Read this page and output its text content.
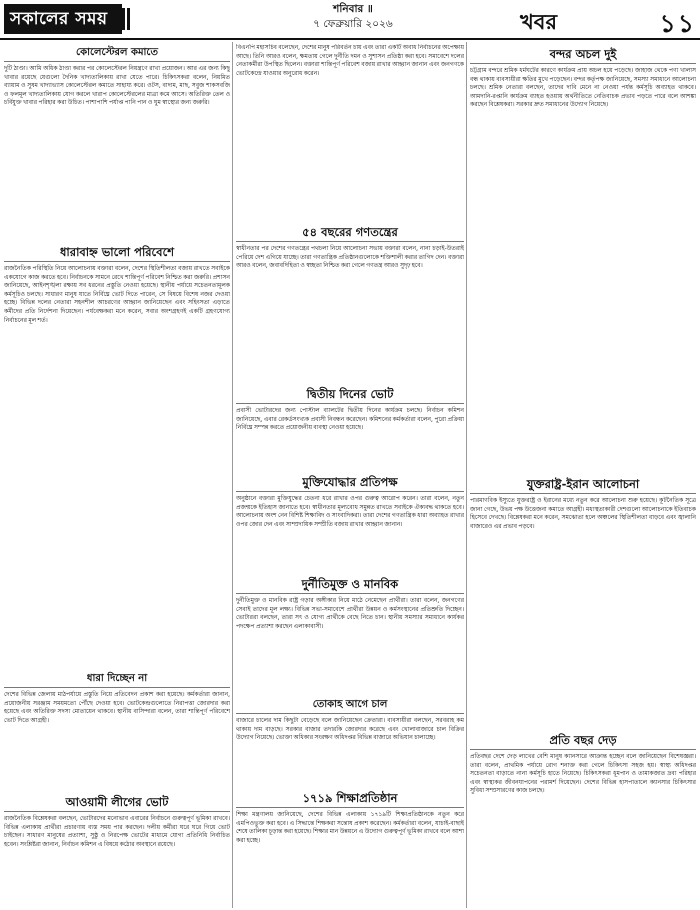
সকালের সময়	শনিবার ॥
৭ ফেব্রুয়ারি ২০২৬	খবর	১১
কোলেস্টেরল কমাতে
দুটি ঠাণ্ডা। আমি অধিক ঠাণ্ডা করার পর কোলেস্টেরল নিয়ন্ত্রণে রাখা প্রয়োজন। আর এর জন্য কিছু খাবার রয়েছে যেগুলো দৈনিক খাদ্যতালিকায় রাখা যেতে পারে। চিকিৎসকরা বলেন, নিয়মিত ব্যায়াম ও সুষম খাদ্যাভ্যাস কোলেস্টেরল কমাতে সাহায্য করে। ওটস, বাদাম, মাছ, সবুজ শাকসবজি ও ফলমূল খাদ্যতালিকায় যোগ করলে খারাপ কোলেস্টেরলের মাত্রা কমে আসে। অতিরিক্ত তেল ও চর্বিযুক্ত খাবার পরিহার করা উচিত। পাশাপাশি পর্যাপ্ত পানি পান ও ঘুম স্বাস্থ্যের জন্য জরুরি।
ধারাবাহ্ন ভালো পরিবেশে
রাজনৈতিক পরিস্থিতি নিয়ে আলোচনায় বক্তারা বলেন, দেশের স্থিতিশীলতা বজায় রাখতে সবাইকে একযোগে কাজ করতে হবে। নির্বাচনকে সামনে রেখে শান্তিপূর্ণ পরিবেশ নিশ্চিত করা জরুরি। প্রশাসন জানিয়েছে, আইনশৃঙ্খলা রক্ষায় সব ধরনের প্রস্তুতি নেওয়া হয়েছে। স্থানীয় পর্যায়ে সচেতনতামূলক কর্মসূচিও চলছে। সাধারণ মানুষ যাতে নির্বিঘ্নে ভোট দিতে পারেন, সে বিষয়ে বিশেষ নজর দেওয়া হচ্ছে। বিভিন্ন দলের নেতারা সহনশীল আচরণের আহ্বান জানিয়েছেন এবং সহিংসতা এড়াতে কর্মীদের প্রতি নির্দেশনা দিয়েছেন। পর্যবেক্ষকরা মনে করেন, সবার অংশগ্রহণই একটি গ্রহণযোগ্য নির্বাচনের মূল শর্ত।
ধারা দিচ্ছেন না
দেশের বিভিন্ন জেলায় মাঠপর্যায়ে প্রস্তুতি নিয়ে প্রতিবেদন প্রকাশ করা হয়েছে। কর্মকর্তারা জানান, প্রয়োজনীয় সরঞ্জাম সময়মতো পৌঁছে দেওয়া হবে। ভোটকেন্দ্রগুলোতে নিরাপত্তা জোরদার করা হয়েছে এবং অতিরিক্ত সদস্য মোতায়েন থাকবে। স্থানীয় বাসিন্দারা বলেন, তারা শান্তিপূর্ণ পরিবেশে ভোট দিতে আগ্রহী।
আওয়ামী লীগের ভোট
রাজনৈতিক বিশ্লেষকরা বলছেন, ভোটারদের মনোভাব এবারের নির্বাচনে গুরুত্বপূর্ণ ভূমিকা রাখবে। বিভিন্ন এলাকায় প্রার্থীরা প্রচারণায় ব্যস্ত সময় পার করছেন। দলীয় কর্মীরা ঘরে ঘরে গিয়ে ভোট চাইছেন। সাধারণ মানুষের প্রত্যাশা, সুষ্ঠু ও নিরপেক্ষ ভোটের মাধ্যমে যোগ্য প্রতিনিধি নির্বাচিত হবেন। সংশ্লিষ্টরা জানান, নির্বাচন কমিশন এ বিষয়ে কঠোর অবস্থানে রয়েছে।
বিএনপি মহাসচিব বলেছেন, দেশের মানুষ পরিবর্তন চায় এবং তারা একটি অবাধ নির্বাচনের অপেক্ষায় আছে। তিনি আরও বলেন, ক্ষমতায় গেলে দুর্নীতি দমন ও সুশাসন প্রতিষ্ঠা করা হবে। সমাবেশে দলের নেতাকর্মীরা উপস্থিত ছিলেন। বক্তারা শান্তিপূর্ণ পরিবেশ বজায় রাখার আহ্বান জানান এবং জনগণকে ভোটকেন্দ্রে যাওয়ার অনুরোধ করেন।
৫৪ বছরের গণতন্ত্রের
স্বাধীনতার পর দেশের গণতন্ত্রের পথচলা নিয়ে আলোচনা সভায় বক্তারা বলেন, নানা চড়াই-উতরাই পেরিয়ে দেশ এগিয়ে যাচ্ছে। তারা গণতান্ত্রিক প্রতিষ্ঠানগুলোকে শক্তিশালী করার তাগিদ দেন। বক্তারা আরও বলেন, জবাবদিহিতা ও স্বচ্ছতা নিশ্চিত করা গেলে গণতন্ত্র আরও সুদৃঢ় হবে।
দ্বিতীয় দিনের ভোট
প্রবাসী ভোটারদের জন্য পোস্টাল ব্যালটের দ্বিতীয় দিনের কার্যক্রম চলছে। নির্বাচন কমিশন জানিয়েছে, এবার রেকর্ডসংখ্যক প্রবাসী নিবন্ধন করেছেন। কমিশনের কর্মকর্তারা বলেন, পুরো প্রক্রিয়া নির্বিঘ্নে সম্পন্ন করতে প্রয়োজনীয় ব্যবস্থা নেওয়া হয়েছে।
মুক্তিযোদ্ধার প্রতিপক্ষ
অনুষ্ঠানে বক্তারা মুক্তিযুদ্ধের চেতনা ধরে রাখার ওপর গুরুত্ব আরোপ করেন। তারা বলেন, নতুন প্রজন্মকে ইতিহাস জানাতে হবে। স্বাধীনতার মূল্যবোধ সমুন্নত রাখতে সবাইকে ঐক্যবদ্ধ থাকতে হবে। আলোচনায় অংশ নেন বিশিষ্ট শিক্ষাবিদ ও সাংবাদিকরা। তারা দেশের গণতান্ত্রিক ধারা অব্যাহত রাখার ওপর জোর দেন এবং সাম্প্রদায়িক সম্প্রীতি বজায় রাখার আহ্বান জানান।
দুর্নীতিমুক্ত ও মানবিক
দুর্নীতিমুক্ত ও মানবিক রাষ্ট্র গড়ার অঙ্গীকার নিয়ে মাঠে নেমেছেন প্রার্থীরা। তারা বলেন, জনগণের সেবাই তাদের মূল লক্ষ্য। বিভিন্ন সভা-সমাবেশে প্রার্থীরা উন্নয়ন ও কর্মসংস্থানের প্রতিশ্রুতি দিচ্ছেন। ভোটাররা বলছেন, তারা সৎ ও যোগ্য প্রার্থীকে বেছে নিতে চান। স্থানীয় সমস্যার সমাধানে কার্যকর পদক্ষেপ প্রত্যাশা করছেন এলাকাবাসী।
তোকাহ আগে চাল
বাজারে চালের দাম কিছুটা বেড়েছে বলে জানিয়েছেন ক্রেতারা। ব্যবসায়ীরা বলছেন, সরবরাহ কম থাকায় দাম বাড়ছে। সরকার বাজার তদারকি জোরদার করেছে এবং খোলাবাজারে চাল বিক্রির উদ্যোগ নিয়েছে। ভোক্তা অধিকার সংরক্ষণ অধিদপ্তর বিভিন্ন বাজারে অভিযান চালাচ্ছে।
১৭১৯ শিক্ষাপ্রতিষ্ঠান
শিক্ষা মন্ত্রণালয় জানিয়েছে, দেশের বিভিন্ন এলাকায় ১৭১৯টি শিক্ষাপ্রতিষ্ঠানকে নতুন করে এমপিওভুক্ত করা হবে। এ সিদ্ধান্তে শিক্ষকরা সন্তোষ প্রকাশ করেছেন। কর্মকর্তারা বলেন, যাচাই-বাছাই শেষে তালিকা চূড়ান্ত করা হয়েছে। শিক্ষার মান উন্নয়নে এ উদ্যোগ গুরুত্বপূর্ণ ভূমিকা রাখবে বলে আশা করা হচ্ছে।
বন্দর অচল দুই
চট্টগ্রাম বন্দরে শ্রমিক ধর্মঘটের কারণে কার্যক্রম প্রায় অচল হয়ে পড়েছে। জাহাজ থেকে পণ্য খালাস বন্ধ থাকায় ব্যবসায়ীরা ক্ষতির মুখে পড়েছেন। বন্দর কর্তৃপক্ষ জানিয়েছে, সমস্যা সমাধানে আলোচনা চলছে। শ্রমিক নেতারা বলছেন, তাদের দাবি মেনে না নেওয়া পর্যন্ত কর্মসূচি অব্যাহত থাকবে। আমদানি-রপ্তানি কার্যক্রম ব্যাহত হওয়ায় অর্থনীতিতে নেতিবাচক প্রভাব পড়তে পারে বলে আশঙ্কা করছেন বিশ্লেষকরা। সরকার দ্রুত সমাধানের উদ্যোগ নিয়েছে।
যুক্তরাষ্ট্র-ইরান আলোচনা
পারমাণবিক ইস্যুতে যুক্তরাষ্ট্র ও ইরানের মধ্যে নতুন করে আলোচনা শুরু হয়েছে। কূটনৈতিক সূত্রে জানা গেছে, উভয় পক্ষ উত্তেজনা কমাতে আগ্রহী। মধ্যস্থতাকারী দেশগুলো আলোচনাকে ইতিবাচক হিসেবে দেখছে। বিশ্লেষকরা মনে করেন, সমঝোতা হলে অঞ্চলের স্থিতিশীলতা বাড়বে এবং জ্বালানি বাজারেও এর প্রভাব পড়বে।
প্রতি বছর দেড়
প্রতিবছর দেশে দেড় লাখের বেশি মানুষ ক্যানসারে আক্রান্ত হচ্ছেন বলে জানিয়েছেন বিশেষজ্ঞরা। তারা বলেন, প্রাথমিক পর্যায়ে রোগ শনাক্ত করা গেলে চিকিৎসা সহজ হয়। স্বাস্থ্য অধিদপ্তর সচেতনতা বাড়াতে নানা কর্মসূচি হাতে নিয়েছে। চিকিৎসকরা ধূমপান ও তামাকজাত দ্রব্য পরিহার এবং স্বাস্থ্যকর জীবনযাপনের পরামর্শ দিয়েছেন। দেশের বিভিন্ন হাসপাতালে ক্যানসার চিকিৎসার সুবিধা সম্প্রসারণের কাজ চলছে।
